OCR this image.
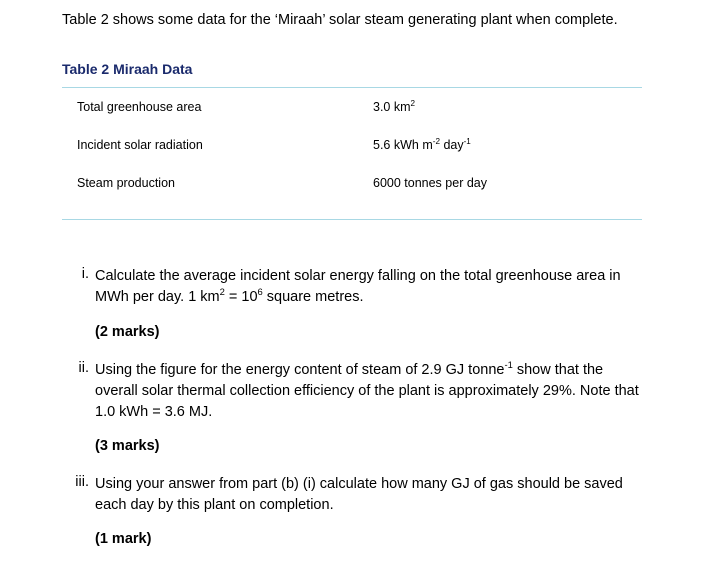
Table 2 shows some data for the ‘Miraah’ solar steam generating plant when complete.
Table 2 Miraah Data
Total greenhouse area	3.0 $km^2$
Incident solar radiation	5.6 kWh $m^{-2}$ day$^{-1}$
Steam production	6000 tonnes per day
i. Calculate the average incident solar energy falling on the total greenhouse area in MWh per day. 1 $km^2 = 10^6$ square metres.
(2 marks)
ii. Using the figure for the energy content of steam of 2.9 GJ tonne$^{-1}$ show that the overall solar thermal collection efficiency of the plant is approximately 29%. Note that 1.0 kWh = 3.6 MJ.
(3 marks)
iii. Using your answer from part (b) (i) calculate how many GJ of gas should be saved each day by this plant on completion.
(1 mark)
